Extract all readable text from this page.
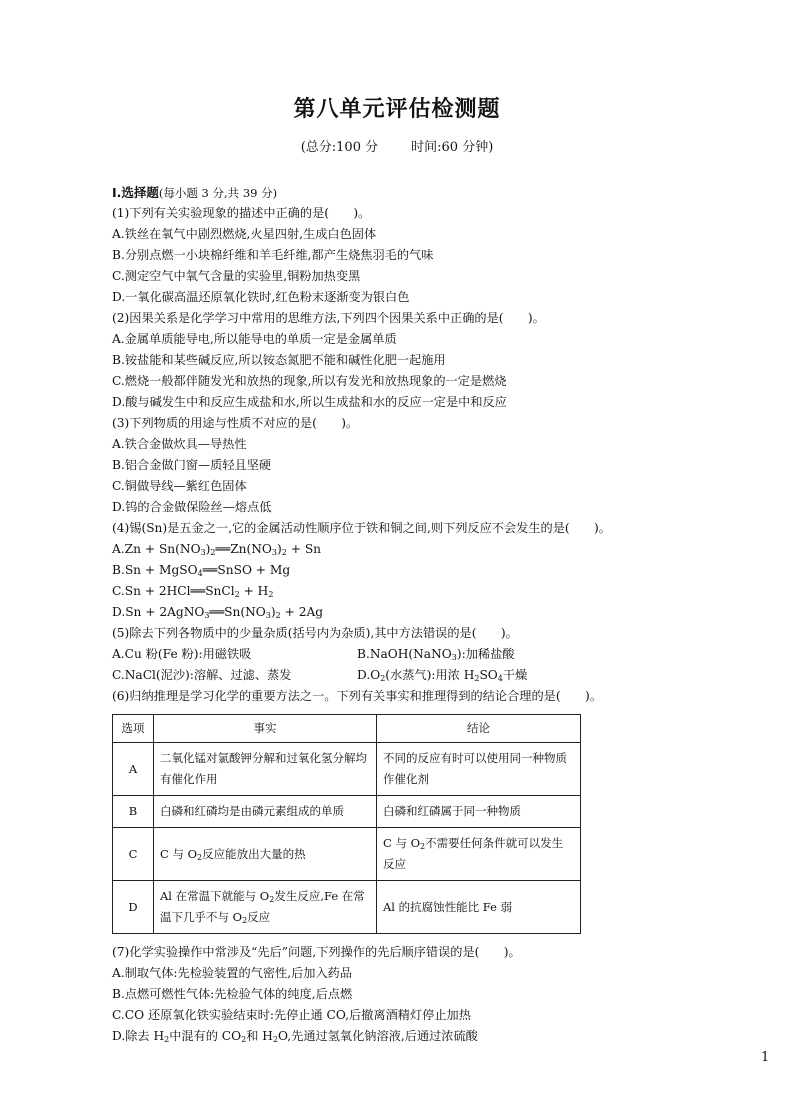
第八单元评估检测题
(总分:100 分        时间:60 分钟)
Ⅰ.选择题(每小题 3 分,共 39 分)
(1)下列有关实验现象的描述中正确的是(　　)。
A.铁丝在氧气中剧烈燃烧,火星四射,生成白色固体
B.分别点燃一小块棉纤维和羊毛纤维,都产生烧焦羽毛的气味
C.测定空气中氧气含量的实验里,铜粉加热变黑
D.一氧化碳高温还原氧化铁时,红色粉末逐渐变为银白色
(2)因果关系是化学学习中常用的思维方法,下列四个因果关系中正确的是(　　)。
A.金属单质能导电,所以能导电的单质一定是金属单质
B.铵盐能和某些碱反应,所以铵态氮肥不能和碱性化肥一起施用
C.燃烧一般都伴随发光和放热的现象,所以有发光和放热现象的一定是燃烧
D.酸与碱发生中和反应生成盐和水,所以生成盐和水的反应一定是中和反应
(3)下列物质的用途与性质不对应的是(　　)。
A.铁合金做炊具—导热性
B.铝合金做门窗—质轻且坚硬
C.铜做导线—紫红色固体
D.钨的合金做保险丝—熔点低
(4)锡(Sn)是五金之一,它的金属活动性顺序位于铁和铜之间,则下列反应不会发生的是(　　)。
$A.Zn + Sn(NO_3)_2══Zn(NO_3)_2 + Sn$
B.Sn + MgSO$_4$══SnSO + Mg
C.Sn + 2HCl══SnCl$_2$ + $H_2$
$D.Sn + 2AgNO_3══Sn(NO_3)_2 + 2Ag$
(5)除去下列各物质中的少量杂质(括号内为杂质),其中方法错误的是(　　)。
A.Cu 粉(Fe 粉):用磁铁吸	B.NaOH(NaNO$_3$):加稀盐酸
C.NaCl(泥沙):溶解、过滤、蒸发	$D.O_2$(水蒸气):用浓 $H_2SO_4$干燥
(6)归纳推理是学习化学的重要方法之一。下列有关事实和推理得到的结论合理的是(　　)。
选项	事实	结论
A	二氧化锰对氯酸钾分解和过氧化氢分解均有催化作用	不同的反应有时可以使用同一种物质作催化剂
B	白磷和红磷均是由磷元素组成的单质	白磷和红磷属于同一种物质
C	C 与 $O_2$反应能放出大量的热	C 与 $O_2$不需要任何条件就可以发生反应
D	Al 在常温下就能与 $O_2$发生反应,Fe 在常温下几乎不与 $O_2$反应	Al 的抗腐蚀性能比 Fe 弱
(7)化学实验操作中常涉及“先后”问题,下列操作的先后顺序错误的是(　　)。
A.制取气体:先检验装置的气密性,后加入药品
B.点燃可燃性气体:先检验气体的纯度,后点燃
C.CO 还原氧化铁实验结束时:先停止通 CO,后撤离酒精灯停止加热
D.除去 $H_2$中混有的 $CO_2$和 $H_2O$,先通过氢氧化钠溶液,后通过浓硫酸
1
